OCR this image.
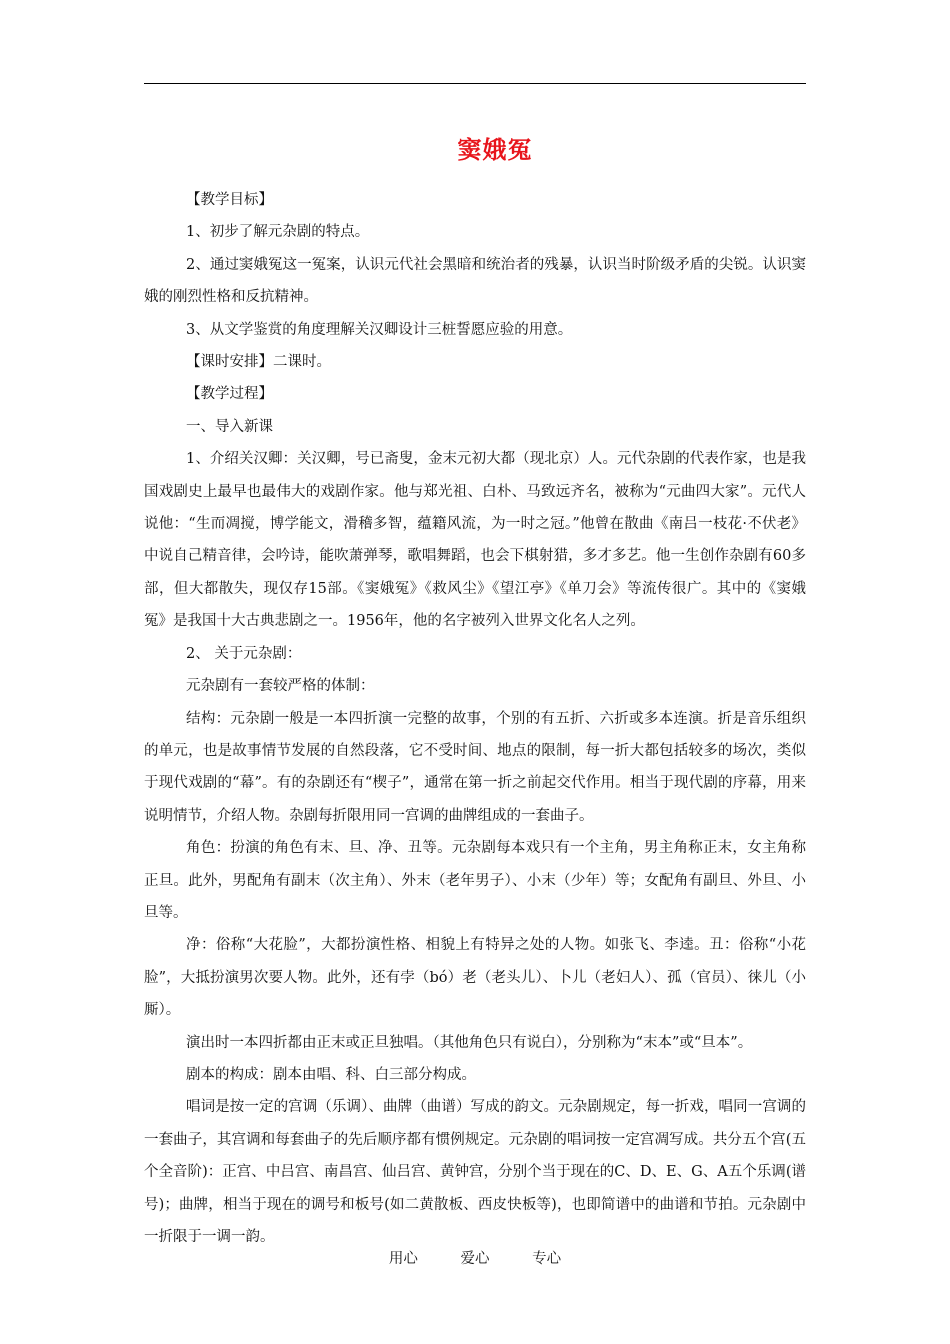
窦娥冤

【教学目标】

1、初步了解元杂剧的特点。

2、通过窦娥冤这一冤案，认识元代社会黑暗和统治者的残暴，认识当时阶级矛盾的尖锐。认识窦娥的刚烈性格和反抗精神。

3、从文学鉴赏的角度理解关汉卿设计三桩誓愿应验的用意。

【课时安排】二课时。

【教学过程】

一、导入新课

1、介绍关汉卿：关汉卿，号已斋叟，金末元初大都（现北京）人。元代杂剧的代表作家，也是我国戏剧史上最早也最伟大的戏剧作家。他与郑光祖、白朴、马致远齐名，被称为“元曲四大家”。元代人说他：“生而凋搅，博学能文，滑稽多智，蕴籍风流，为一时之冠。”他曾在散曲《南吕一枝花·不伏老》中说自己精音律，会吟诗，能吹萧弹琴，歌唱舞蹈，也会下棋射猎，多才多艺。他一生创作杂剧有60多部，但大都散失，现仅存15部。《窦娥冤》《救风尘》《望江亭》《单刀会》等流传很广。其中的《窦娥冤》是我国十大古典悲剧之一。1956年，他的名字被列入世界文化名人之列。

2、 关于元杂剧：

元杂剧有一套较严格的体制：

结构：元杂剧一般是一本四折演一完整的故事，个别的有五折、六折或多本连演。折是音乐组织的单元，也是故事情节发展的自然段落，它不受时间、地点的限制，每一折大都包括较多的场次，类似于现代戏剧的“幕”。有的杂剧还有“楔子”，通常在第一折之前起交代作用。相当于现代剧的序幕，用来说明情节，介绍人物。杂剧每折限用同一宫调的曲牌组成的一套曲子。

角色：扮演的角色有末、旦、净、丑等。元杂剧每本戏只有一个主角，男主角称正末，女主角称正旦。此外，男配角有副末（次主角）、外末（老年男子）、小末（少年）等；女配角有副旦、外旦、小旦等。

净：俗称“大花脸”，大都扮演性格、相貌上有特异之处的人物。如张飞、李逵。丑：俗称“小花脸”，大抵扮演男次要人物。此外，还有孛（bó）老（老头儿）、卜儿（老妇人）、孤（官员）、徕儿（小厮）。

演出时一本四折都由正末或正旦独唱。（其他角色只有说白），分别称为“末本”或“旦本”。

剧本的构成：剧本由唱、科、白三部分构成。

唱词是按一定的宫调（乐调）、曲牌（曲谱）写成的韵文。元杂剧规定，每一折戏，唱同一宫调的一套曲子，其宫调和每套曲子的先后顺序都有惯例规定。元杂剧的唱词按一定宫凋写成。共分五个宫(五个全音阶)：正宫、中吕宫、南昌宫、仙吕宫、黄钟宫，分别个当于现在的C、D、E、G、A五个乐调(谱号)；曲牌，相当于现在的调号和板号(如二黄散板、西皮快板等)，也即简谱中的曲谱和节拍。元杂剧中一折限于一调一韵。

用心	爱心	专心
